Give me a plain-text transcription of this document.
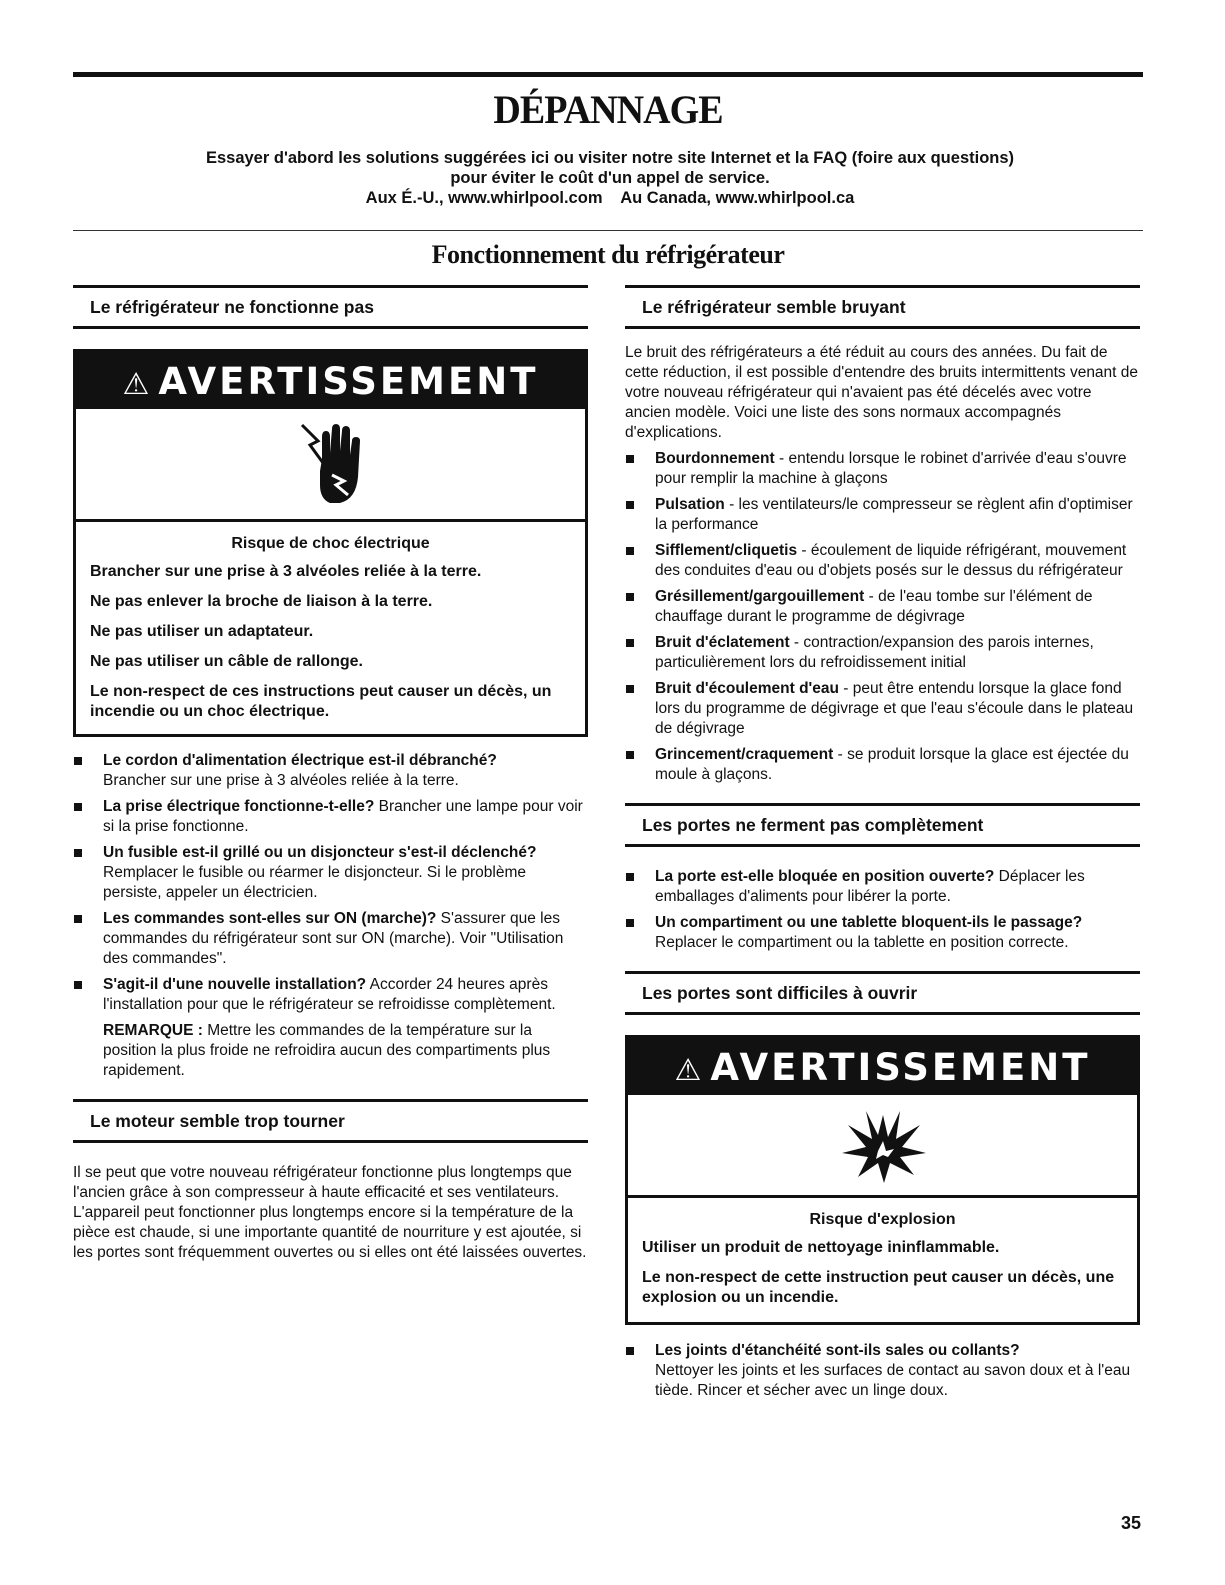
DÉPANNAGE
Essayer d'abord les solutions suggérées ici ou visiter notre site Internet et la FAQ (foire aux questions)
pour éviter le coût d'un appel de service.
Aux É.-U., www.whirlpool.com    Au Canada, www.whirlpool.ca
Fonctionnement du réfrigérateur
Le réfrigérateur ne fonctionne pas
⚠ AVERTISSEMENT
Risque de choc électrique

Brancher sur une prise à 3 alvéoles reliée à la terre.

Ne pas enlever la broche de liaison à la terre.

Ne pas utiliser un adaptateur.

Ne pas utiliser un câble de rallonge.

Le non-respect de ces instructions peut causer un décès, un incendie ou un choc électrique.

Le cordon d'alimentation électrique est-il débranché?
Brancher sur une prise à 3 alvéoles reliée à la terre.
La prise électrique fonctionne-t-elle? Brancher une lampe pour voir si la prise fonctionne.
Un fusible est-il grillé ou un disjoncteur s'est-il déclenché? Remplacer le fusible ou réarmer le disjoncteur. Si le problème persiste, appeler un électricien.
Les commandes sont-elles sur ON (marche)? S'assurer que les commandes du réfrigérateur sont sur ON (marche). Voir "Utilisation des commandes".
S'agit-il d'une nouvelle installation? Accorder 24 heures après l'installation pour que le réfrigérateur se refroidisse complètement.
REMARQUE : Mettre les commandes de la température sur la position la plus froide ne refroidira aucun des compartiments plus rapidement.
Le moteur semble trop tourner

Il se peut que votre nouveau réfrigérateur fonctionne plus longtemps que l'ancien grâce à son compresseur à haute efficacité et ses ventilateurs. L'appareil peut fonctionner plus longtemps encore si la température de la pièce est chaude, si une importante quantité de nourriture y est ajoutée, si les portes sont fréquemment ouvertes ou si elles ont été laissées ouvertes.

Le réfrigérateur semble bruyant

Le bruit des réfrigérateurs a été réduit au cours des années. Du fait de cette réduction, il est possible d'entendre des bruits intermittents venant de votre nouveau réfrigérateur qui n'avaient pas été décelés avec votre ancien modèle. Voici une liste des sons normaux accompagnés d'explications.

Bourdonnement - entendu lorsque le robinet d'arrivée d'eau s'ouvre pour remplir la machine à glaçons
Pulsation - les ventilateurs/le compresseur se règlent afin d'optimiser la performance
Sifflement/cliquetis - écoulement de liquide réfrigérant, mouvement des conduites d'eau ou d'objets posés sur le dessus du réfrigérateur
Grésillement/gargouillement - de l'eau tombe sur l'élément de chauffage durant le programme de dégivrage
Bruit d'éclatement - contraction/expansion des parois internes, particulièrement lors du refroidissement initial
Bruit d'écoulement d'eau - peut être entendu lorsque la glace fond lors du programme de dégivrage et que l'eau s'écoule dans le plateau de dégivrage
Grincement/craquement - se produit lorsque la glace est éjectée du moule à glaçons.
Les portes ne ferment pas complètement
La porte est-elle bloquée en position ouverte? Déplacer les emballages d'aliments pour libérer la porte.
Un compartiment ou une tablette bloquent-ils le passage? Replacer le compartiment ou la tablette en position correcte.
Les portes sont difficiles à ouvrir
⚠ AVERTISSEMENT
Risque d'explosion

Utiliser un produit de nettoyage ininflammable.

Le non-respect de cette instruction peut causer un décès, une explosion ou un incendie.

Les joints d'étanchéité sont-ils sales ou collants?
Nettoyer les joints et les surfaces de contact au savon doux et à l'eau tiède. Rincer et sécher avec un linge doux.
35
